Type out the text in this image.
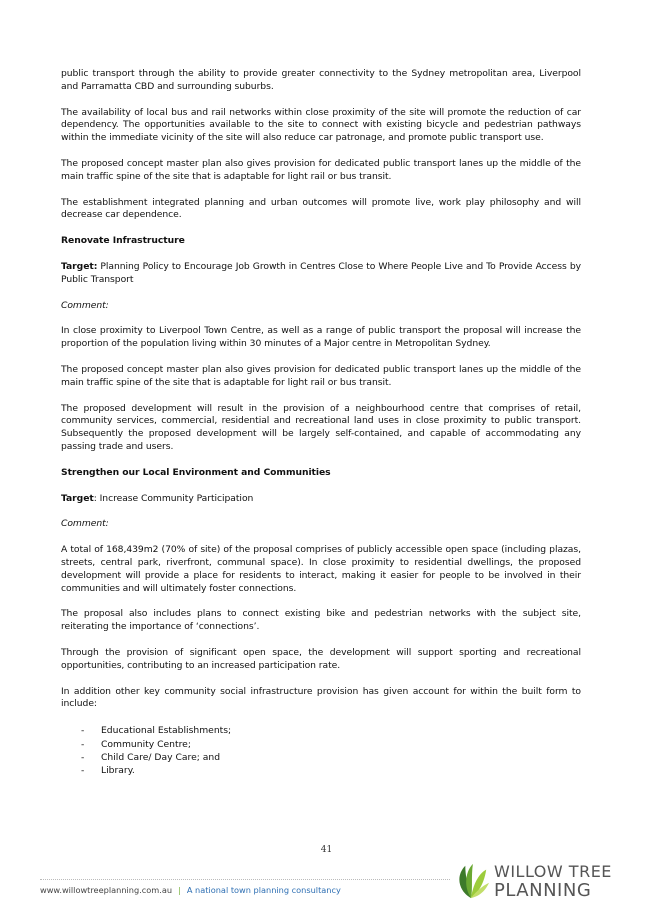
public transport through the ability to provide greater connectivity to the Sydney metropolitan area, Liverpool and Parramatta CBD and surrounding suburbs.

The availability of local bus and rail networks within close proximity of the site will promote the reduction of car dependency. The opportunities available to the site to connect with existing bicycle and pedestrian pathways within the immediate vicinity of the site will also reduce car patronage, and promote public transport use.

The proposed concept master plan also gives provision for dedicated public transport lanes up the middle of the main traffic spine of the site that is adaptable for light rail or bus transit.

The establishment integrated planning and urban outcomes will promote live, work play philosophy and will decrease car dependence.

Renovate Infrastructure

Target: Planning Policy to Encourage Job Growth in Centres Close to Where People Live and To Provide Access by Public Transport

Comment:

In close proximity to Liverpool Town Centre, as well as a range of public transport the proposal will increase the proportion of the population living within 30 minutes of a Major centre in Metropolitan Sydney.

The proposed concept master plan also gives provision for dedicated public transport lanes up the middle of the main traffic spine of the site that is adaptable for light rail or bus transit.

The proposed development will result in the provision of a neighbourhood centre that comprises of retail, community services, commercial, residential and recreational land uses in close proximity to public transport. Subsequently the proposed development will be largely self-contained, and capable of accommodating any passing trade and users.

Strengthen our Local Environment and Communities

Target: Increase Community Participation

Comment:

A total of 168,439m2 (70% of site) of the proposal comprises of publicly accessible open space (including plazas, streets, central park, riverfront, communal space). In close proximity to residential dwellings, the proposed development will provide a place for residents to interact, making it easier for people to be involved in their communities and will ultimately foster connections.

The proposal also includes plans to connect existing bike and pedestrian networks with the subject site, reiterating the importance of ‘connections’.

Through the provision of significant open space, the development will support sporting and recreational opportunities, contributing to an increased participation rate.

In addition other key community social infrastructure provision has given account for within the built form to include:

- Educational Establishments;
- Community Centre;
- Child Care/ Day Care; and
- Library.
41
www.willowtreeplanning.com.au | A national town planning consultancy
WILLOW TREE
PLANNING
